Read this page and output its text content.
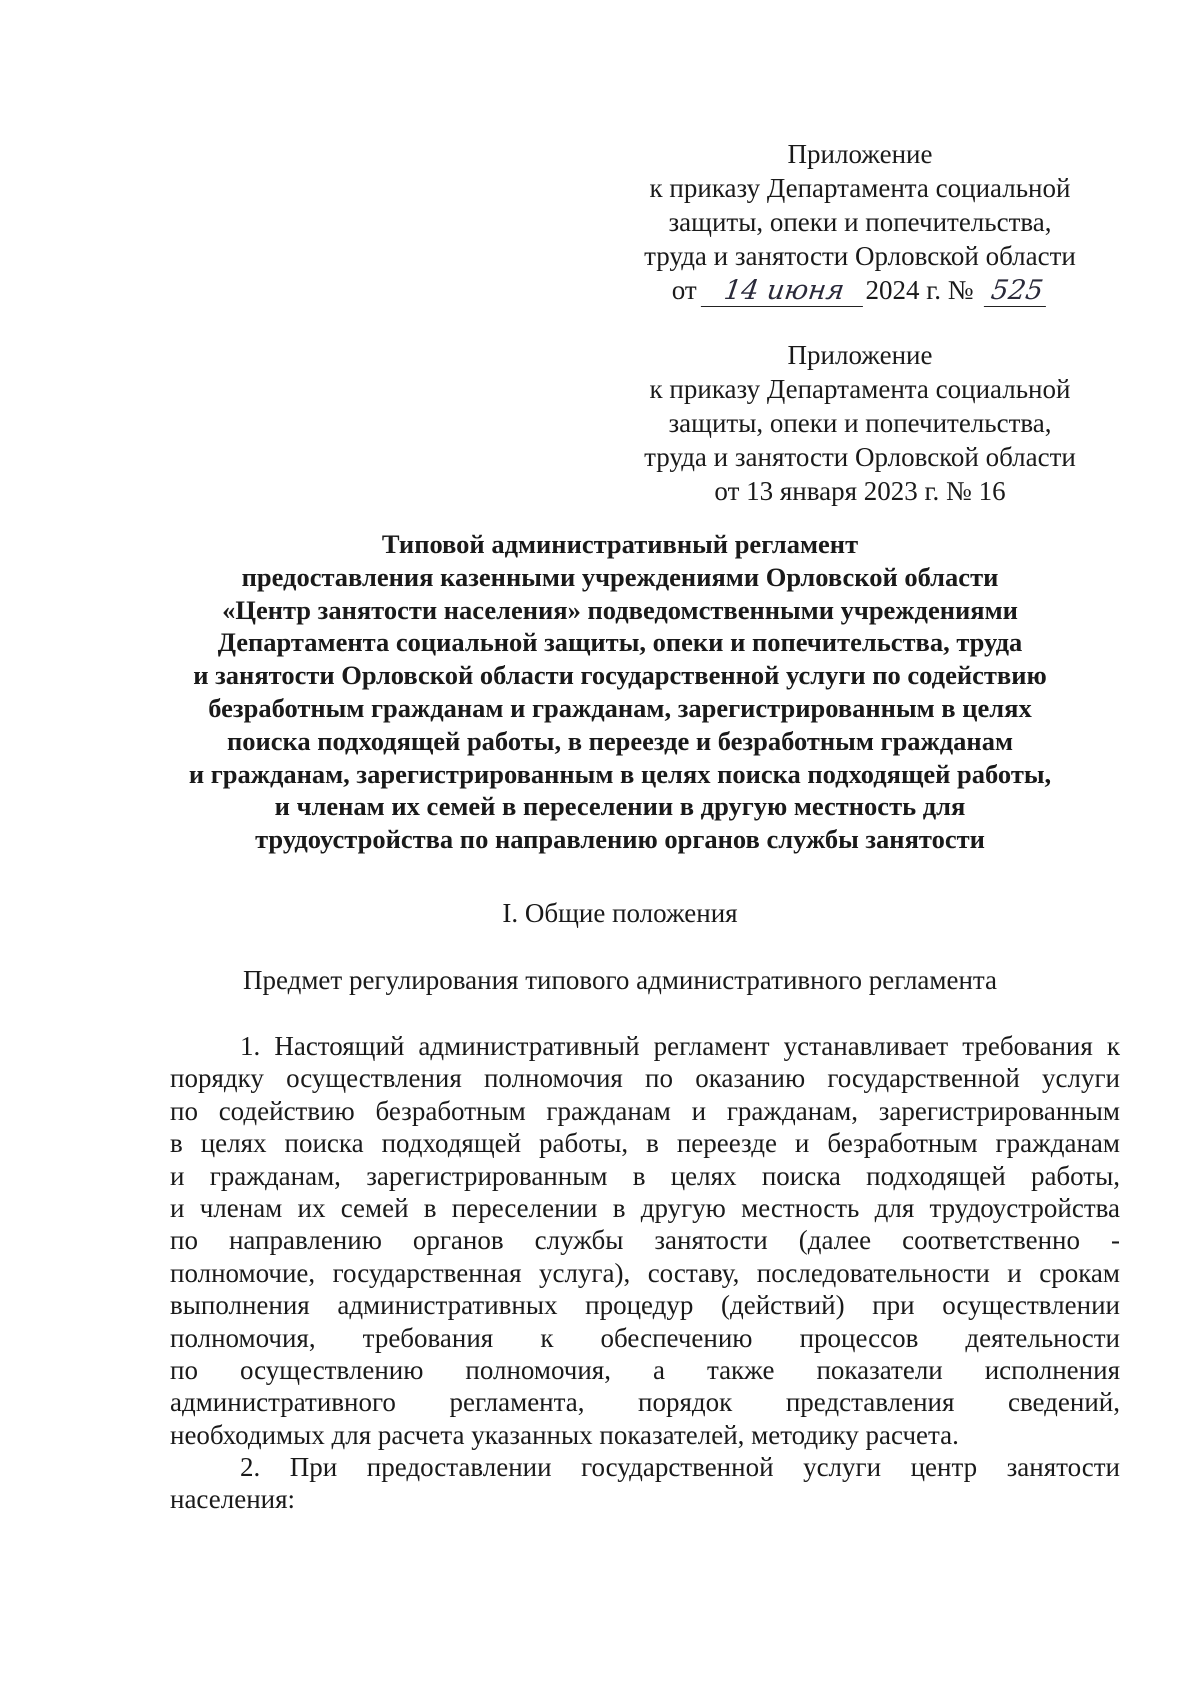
Приложение
к приказу Департамента социальной
защиты, опеки и попечительства,
труда и занятости Орловской области
от 14 июня 2024 г. № 525
Приложение
к приказу Департамента социальной
защиты, опеки и попечительства,
труда и занятости Орловской области
от 13 января 2023 г. № 16
Типовой административный регламент
предоставления казенными учреждениями Орловской области
«Центр занятости населения» подведомственными учреждениями
Департамента социальной защиты, опеки и попечительства, труда
и занятости Орловской области государственной услуги по содействию
безработным гражданам и гражданам, зарегистрированным в целях
поиска подходящей работы, в переезде и безработным гражданам
и гражданам, зарегистрированным в целях поиска подходящей работы,
и членам их семей в переселении в другую местность для
трудоустройства по направлению органов службы занятости
I. Общие положения
Предмет регулирования типового административного регламента
1. Настоящий административный регламент устанавливает требования к
порядку осуществления полномочия по оказанию государственной услуги
по содействию безработным гражданам и гражданам, зарегистрированным
в целях поиска подходящей работы, в переезде и безработным гражданам
и гражданам, зарегистрированным в целях поиска подходящей работы,
и членам их семей в переселении в другую местность для трудоустройства
по направлению органов службы занятости (далее соответственно -
полномочие, государственная услуга), составу, последовательности и срокам
выполнения административных процедур (действий) при осуществлении
полномочия, требования к обеспечению процессов деятельности
по осуществлению полномочия, а также показатели исполнения
административного регламента, порядок представления сведений,
необходимых для расчета указанных показателей, методику расчета.
2. При предоставлении государственной услуги центр занятости
населения:
